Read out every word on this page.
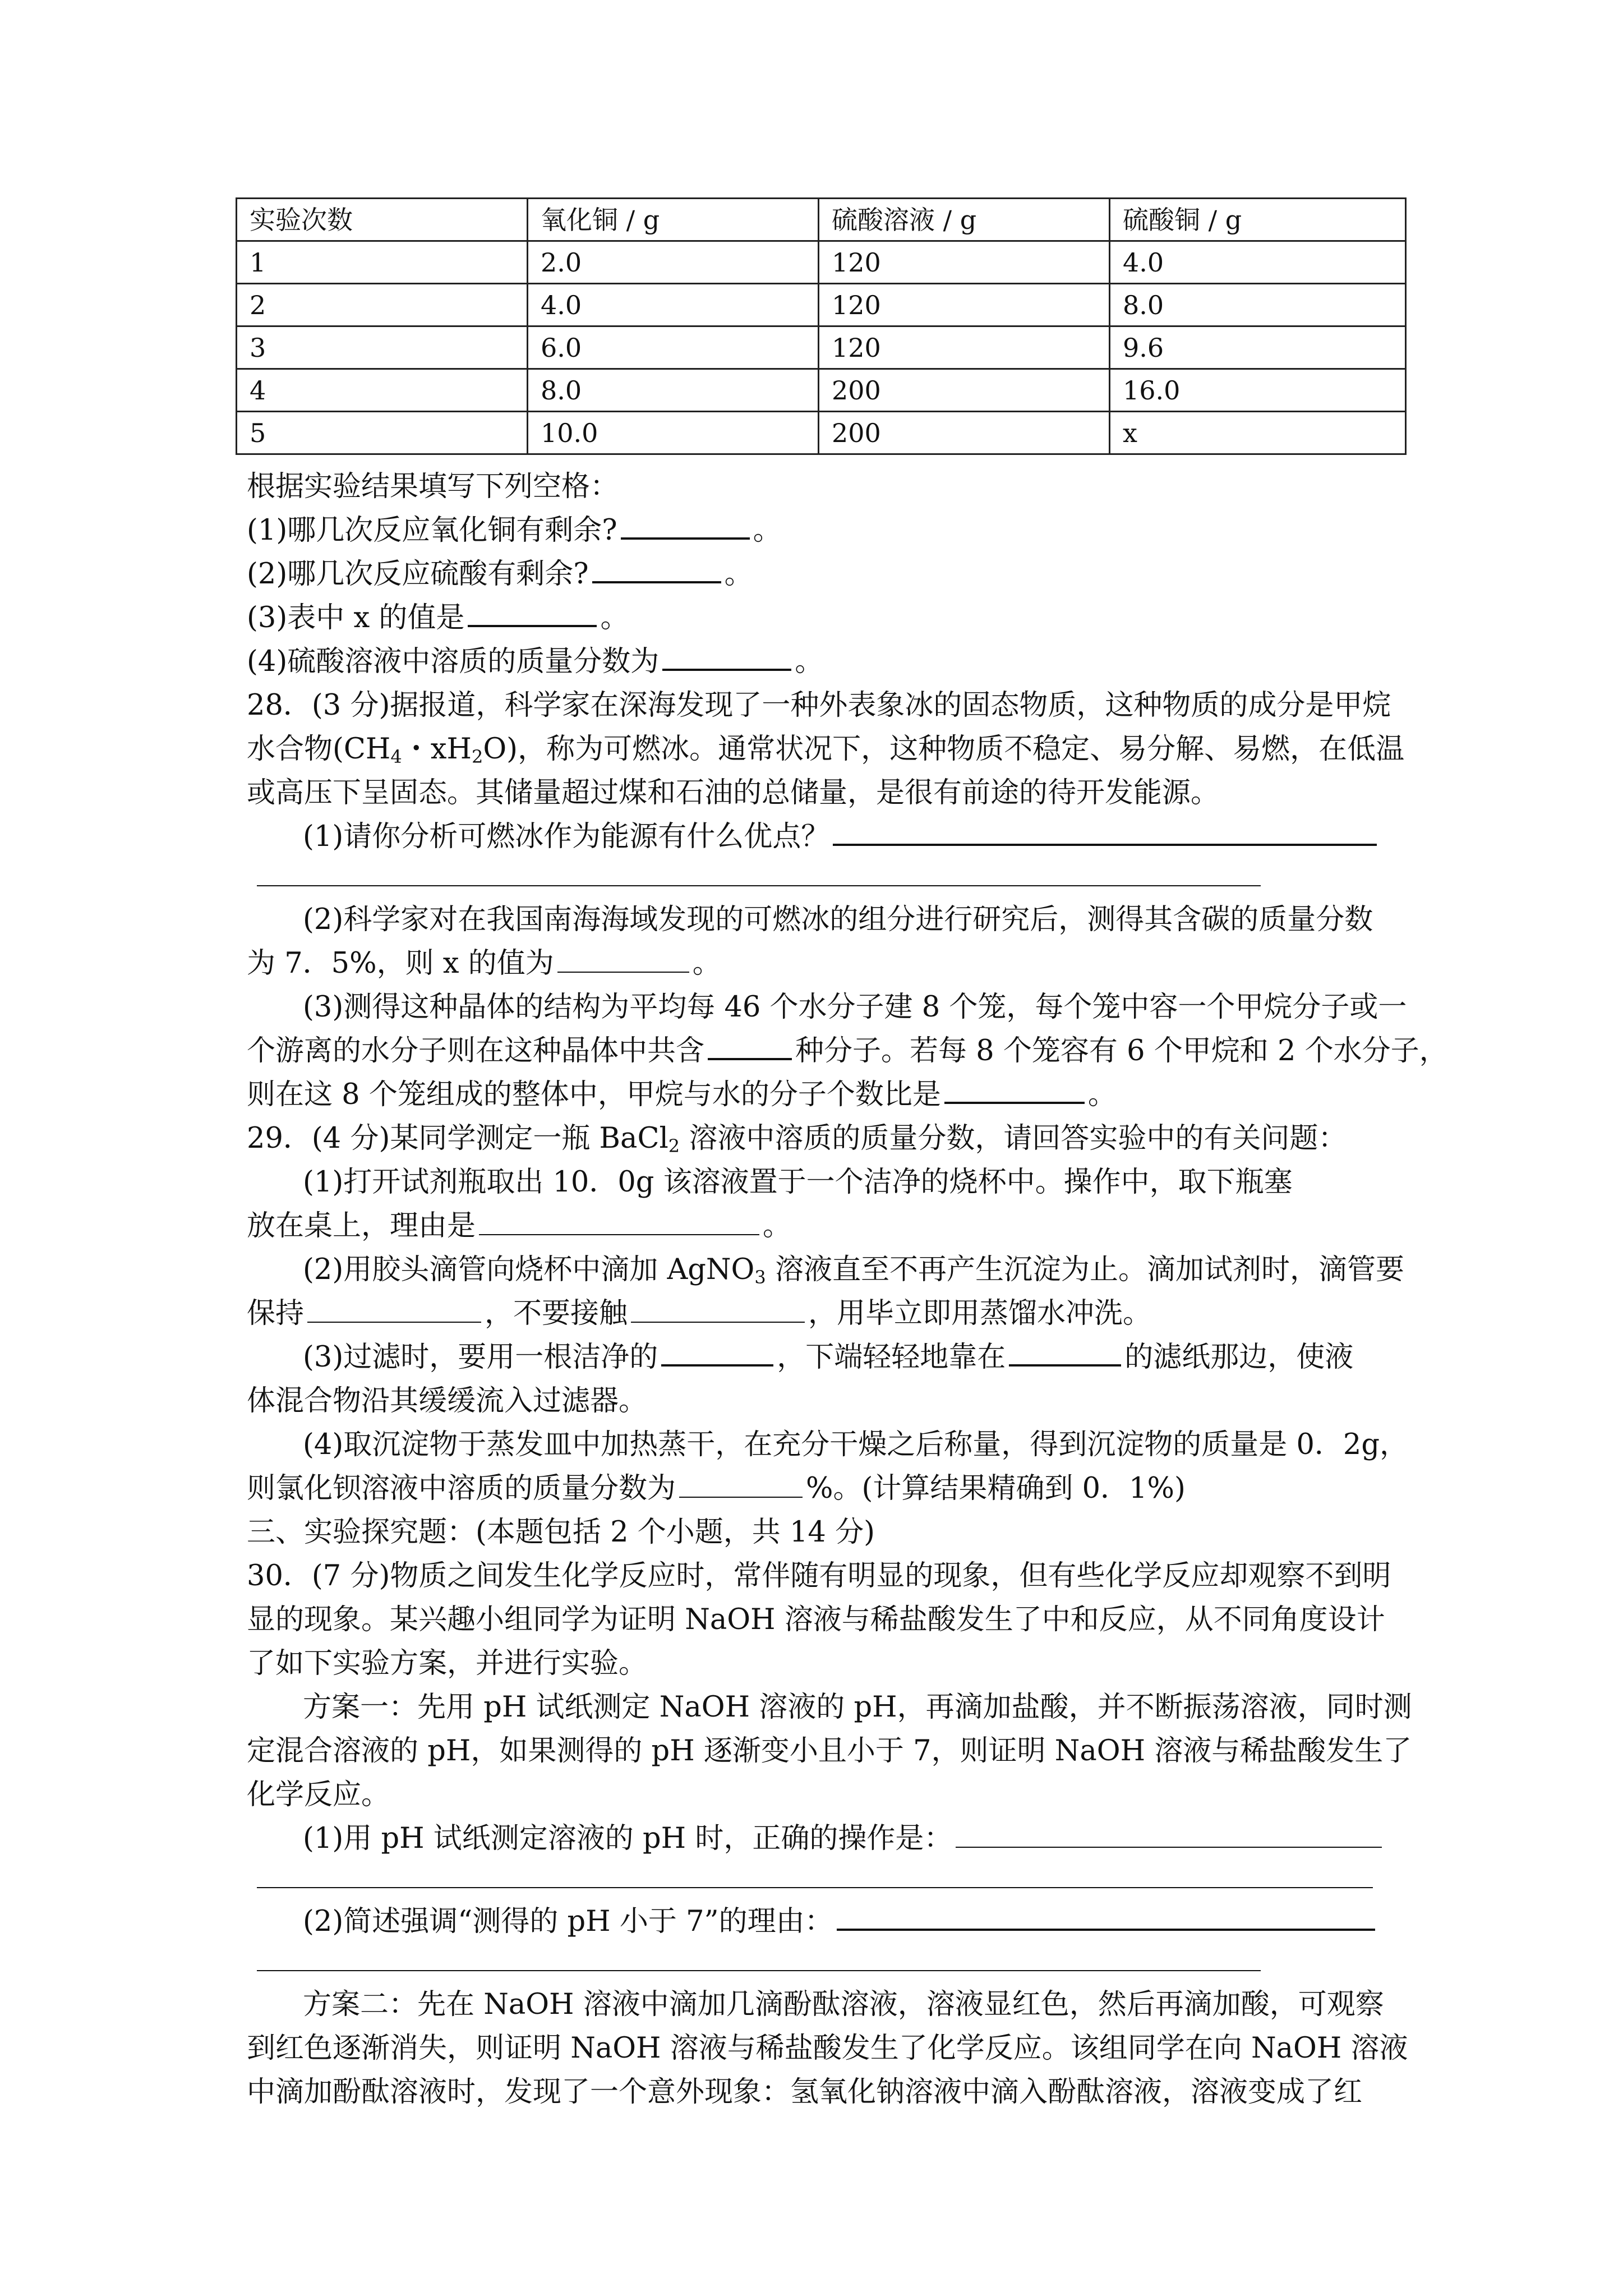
实验次数	氧化铜 / g	硫酸溶液 / g	硫酸铜 / g
1	2.0	120	4.0
2	4.0	120	8.0
3	6.0	120	9.6
4	8.0	200	16.0
5	10.0	200	x
根据实验结果填写下列空格：
(1)哪几次反应氧化铜有剩余?	。
(2)哪几次反应硫酸有剩余?	。
(3)表中 x 的值是	。
(4)硫酸溶液中溶质的质量分数为	。
28．(3 分)据报道，科学家在深海发现了一种外表象冰的固态物质，这种物质的成分是甲烷
水合物($CH_4$・$xH_2O$)，称为可燃冰。通常状况下，这种物质不稳定、易分解、易燃，在低温
或高压下呈固态。其储量超过煤和石油的总储量，是很有前途的待开发能源。
(1)请你分析可燃冰作为能源有什么优点？
(2)科学家对在我国南海海域发现的可燃冰的组分进行研究后，测得其含碳的质量分数
为 7．5%，则 x 的值为	。
(3)测得这种晶体的结构为平均每 46 个水分子建 8 个笼，每个笼中容一个甲烷分子或一
个游离的水分子则在这种晶体中共含	种分子。若每 8 个笼容有 6 个甲烷和 2 个水分子，
则在这 8 个笼组成的整体中，甲烷与水的分子个数比是	。
29．(4 分)某同学测定一瓶 BaCl$_2$ 溶液中溶质的质量分数，请回答实验中的有关问题：
(1)打开试剂瓶取出 10．0g 该溶液置于一个洁净的烧杯中。操作中，取下瓶塞
放在桌上，理由是	。
(2)用胶头滴管向烧杯中滴加 AgNO$_3$ 溶液直至不再产生沉淀为止。滴加试剂时，滴管要
保持	，不要接触	，用毕立即用蒸馏水冲洗。
(3)过滤时，要用一根洁净的	，下端轻轻地靠在	的滤纸那边，使液
体混合物沿其缓缓流入过滤器。
(4)取沉淀物于蒸发皿中加热蒸干，在充分干燥之后称量，得到沉淀物的质量是 0．2g，
则氯化钡溶液中溶质的质量分数为	%。(计算结果精确到 0．1%)
三、实验探究题：(本题包括 2 个小题，共 14 分)
30．(7 分)物质之间发生化学反应时，常伴随有明显的现象，但有些化学反应却观察不到明
显的现象。某兴趣小组同学为证明 NaOH 溶液与稀盐酸发生了中和反应，从不同角度设计
了如下实验方案，并进行实验。
方案一：先用 pH 试纸测定 NaOH 溶液的 pH，再滴加盐酸，并不断振荡溶液，同时测
定混合溶液的 pH，如果测得的 pH 逐渐变小且小于 7，则证明 NaOH 溶液与稀盐酸发生了
化学反应。
(1)用 pH 试纸测定溶液的 pH 时，正确的操作是：
(2)简述强调“测得的 pH 小于 7”的理由：
方案二：先在 NaOH 溶液中滴加几滴酚酞溶液，溶液显红色，然后再滴加酸，可观察
到红色逐渐消失，则证明 NaOH 溶液与稀盐酸发生了化学反应。该组同学在向 NaOH 溶液
中滴加酚酞溶液时，发现了一个意外现象：氢氧化钠溶液中滴入酚酞溶液，溶液变成了红
